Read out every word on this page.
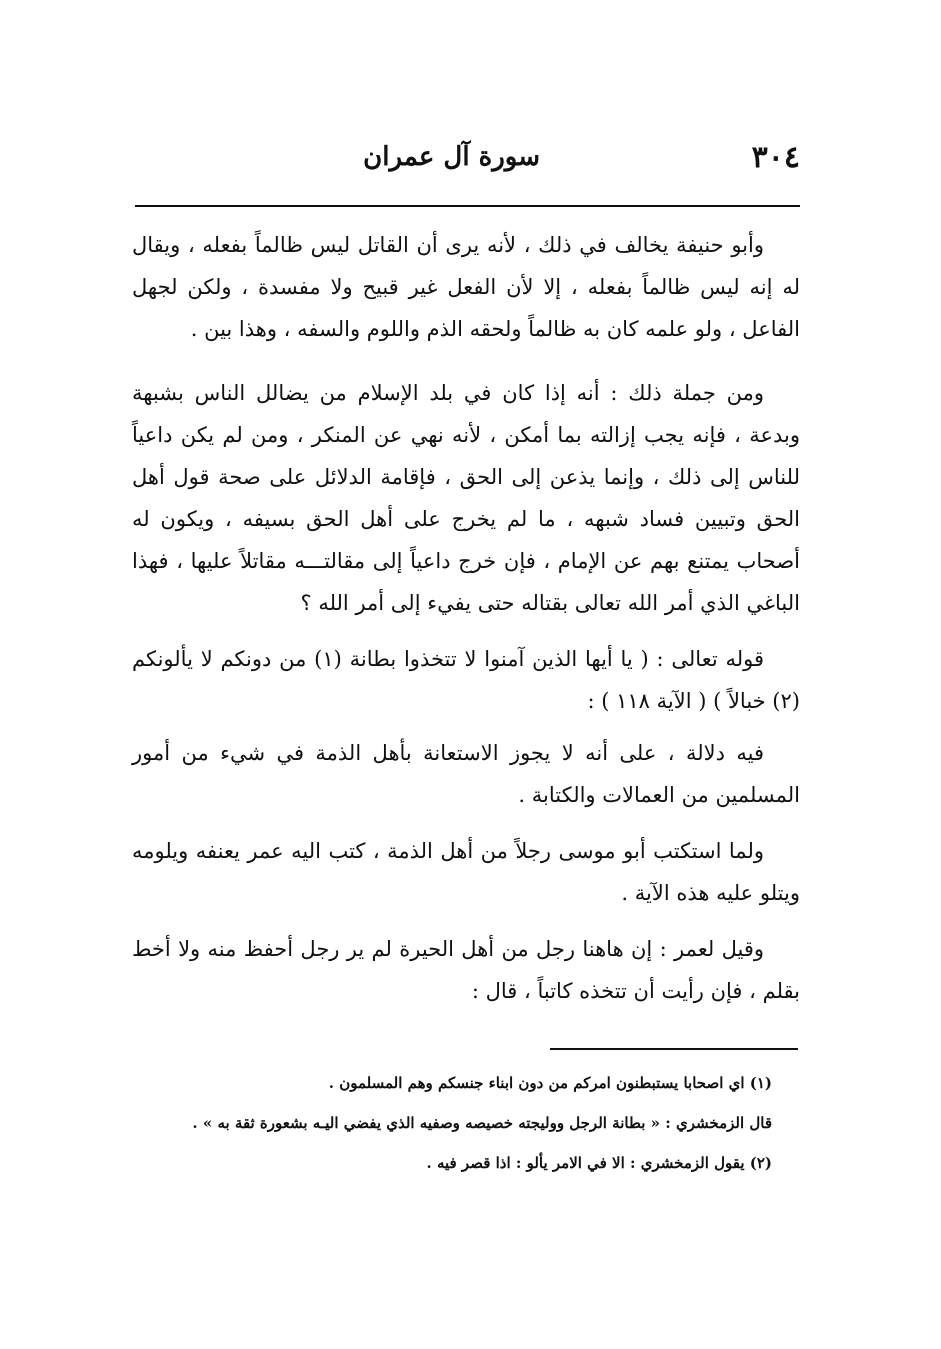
٣٠٤
سورة آل عمران

وأبو حنيفة يخالف في ذلك ، لأنه يرى أن القاتل ليس ظالماً بفعله ، ويقال له إنه ليس ظالماً بفعله ، إلا لأن الفعل غير قبيح ولا مفسدة ، ولكن لجهل الفاعل ، ولو علمه كان به ظالماً ولحقه الذم واللوم والسفه ، وهذا بين .

ومن جملة ذلك : أنه إذا كان في بلد الإسلام من يضالل الناس بشبهة وبدعة ، فإنه يجب إزالته بما أمكن ، لأنه نهي عن المنكر ، ومن لم يكن داعياً للناس إلى ذلك ، وإنما يذعن إلى الحق ، فإقامة الدلائل على صحة قول أهل الحق وتبيين فساد شبهه ، ما لم يخرج على أهل الحق بسيفه ، ويكون له أصحاب يمتنع بهم عن الإمام ، فإن خرج داعياً إلى مقالتـــه مقاتلاً عليها ، فهذا الباغي الذي أمر الله تعالى بقتاله حتى يفيء إلى أمر الله ؟

قوله تعالى : ( يا أيها الذين آمنوا لا تتخذوا بطانة (١) من دونكم لا يألونكم (٢) خبالاً ) ( الآية ١١٨ ) :

فيه دلالة ، على أنه لا يجوز الاستعانة بأهل الذمة في شيء من أمور المسلمين من العمالات والكتابة .

ولما استكتب أبو موسى رجلاً من أهل الذمة ، كتب اليه عمر يعنفه ويلومه ويتلو عليه هذه الآية .

وقيل لعمر : إن هاهنا رجل من أهل الحيرة لم ير رجل أحفظ منه ولا أخط بقلم ، فإن رأيت أن تتخذه كاتباً ، قال :

(١) اي اصحابا يستبطنون امركم من دون ابناء جنسكم وهم المسلمون .

قال الزمخشري : « بطانة الرجل ووليجته خصيصه وصفيه الذي يفضي اليـه بشعورة ثقة به » .

(٢) يقول الزمخشري : الا في الامر يألو : اذا قصر فيه .
